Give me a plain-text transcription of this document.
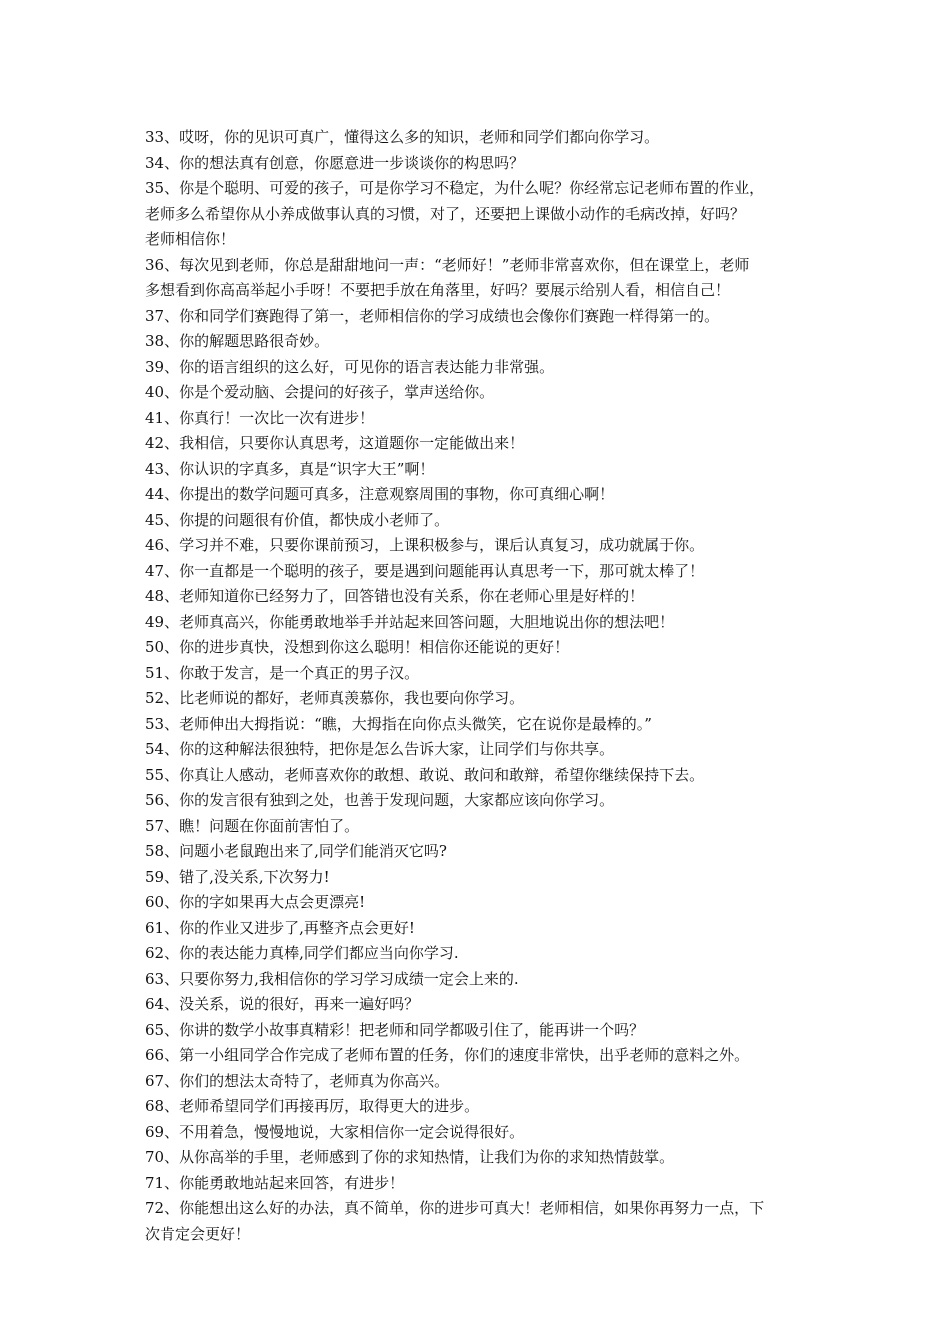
33、哎呀，你的见识可真广，懂得这么多的知识，老师和同学们都向你学习。
34、你的想法真有创意，你愿意进一步谈谈你的构思吗？
35、你是个聪明、可爱的孩子，可是你学习不稳定，为什么呢？你经常忘记老师布置的作业，
老师多么希望你从小养成做事认真的习惯，对了，还要把上课做小动作的毛病改掉，好吗？
老师相信你！
36、每次见到老师，你总是甜甜地问一声：“老师好！”老师非常喜欢你，但在课堂上，老师
多想看到你高高举起小手呀！不要把手放在角落里，好吗？要展示给别人看，相信自己！
37、你和同学们赛跑得了第一，老师相信你的学习成绩也会像你们赛跑一样得第一的。
38、你的解题思路很奇妙。
39、你的语言组织的这么好，可见你的语言表达能力非常强。
40、你是个爱动脑、会提问的好孩子，掌声送给你。
41、你真行！一次比一次有进步！
42、我相信，只要你认真思考，这道题你一定能做出来！
43、你认识的字真多，真是“识字大王”啊！
44、你提出的数学问题可真多，注意观察周围的事物，你可真细心啊！
45、你提的问题很有价值，都快成小老师了。
46、学习并不难，只要你课前预习，上课积极参与，课后认真复习，成功就属于你。
47、你一直都是一个聪明的孩子，要是遇到问题能再认真思考一下，那可就太棒了！
48、老师知道你已经努力了，回答错也没有关系，你在老师心里是好样的！
49、老师真高兴，你能勇敢地举手并站起来回答问题，大胆地说出你的想法吧！
50、你的进步真快，没想到你这么聪明！相信你还能说的更好！
51、你敢于发言，是一个真正的男子汉。
52、比老师说的都好，老师真羡慕你，我也要向你学习。
53、老师伸出大拇指说：“瞧，大拇指在向你点头微笑，它在说你是最棒的。”
54、你的这种解法很独特，把你是怎么告诉大家，让同学们与你共享。
55、你真让人感动，老师喜欢你的敢想、敢说、敢问和敢辩，希望你继续保持下去。
56、你的发言很有独到之处，也善于发现问题，大家都应该向你学习。
57、瞧！问题在你面前害怕了。
58、问题小老鼠跑出来了,同学们能消灭它吗?
59、错了,没关系,下次努力!
60、你的字如果再大点会更漂亮!
61、你的作业又进步了,再整齐点会更好!
62、你的表达能力真棒,同学们都应当向你学习.
63、只要你努力,我相信你的学习学习成绩一定会上来的.
64、没关系，说的很好，再来一遍好吗？
65、你讲的数学小故事真精彩！把老师和同学都吸引住了，能再讲一个吗？
66、第一小组同学合作完成了老师布置的任务，你们的速度非常快，出乎老师的意料之外。
67、你们的想法太奇特了，老师真为你高兴。
68、老师希望同学们再接再厉，取得更大的进步。
69、不用着急，慢慢地说，大家相信你一定会说得很好。
70、从你高举的手里，老师感到了你的求知热情，让我们为你的求知热情鼓掌。
71、你能勇敢地站起来回答，有进步！
72、你能想出这么好的办法，真不简单，你的进步可真大！老师相信，如果你再努力一点，下
次肯定会更好！
